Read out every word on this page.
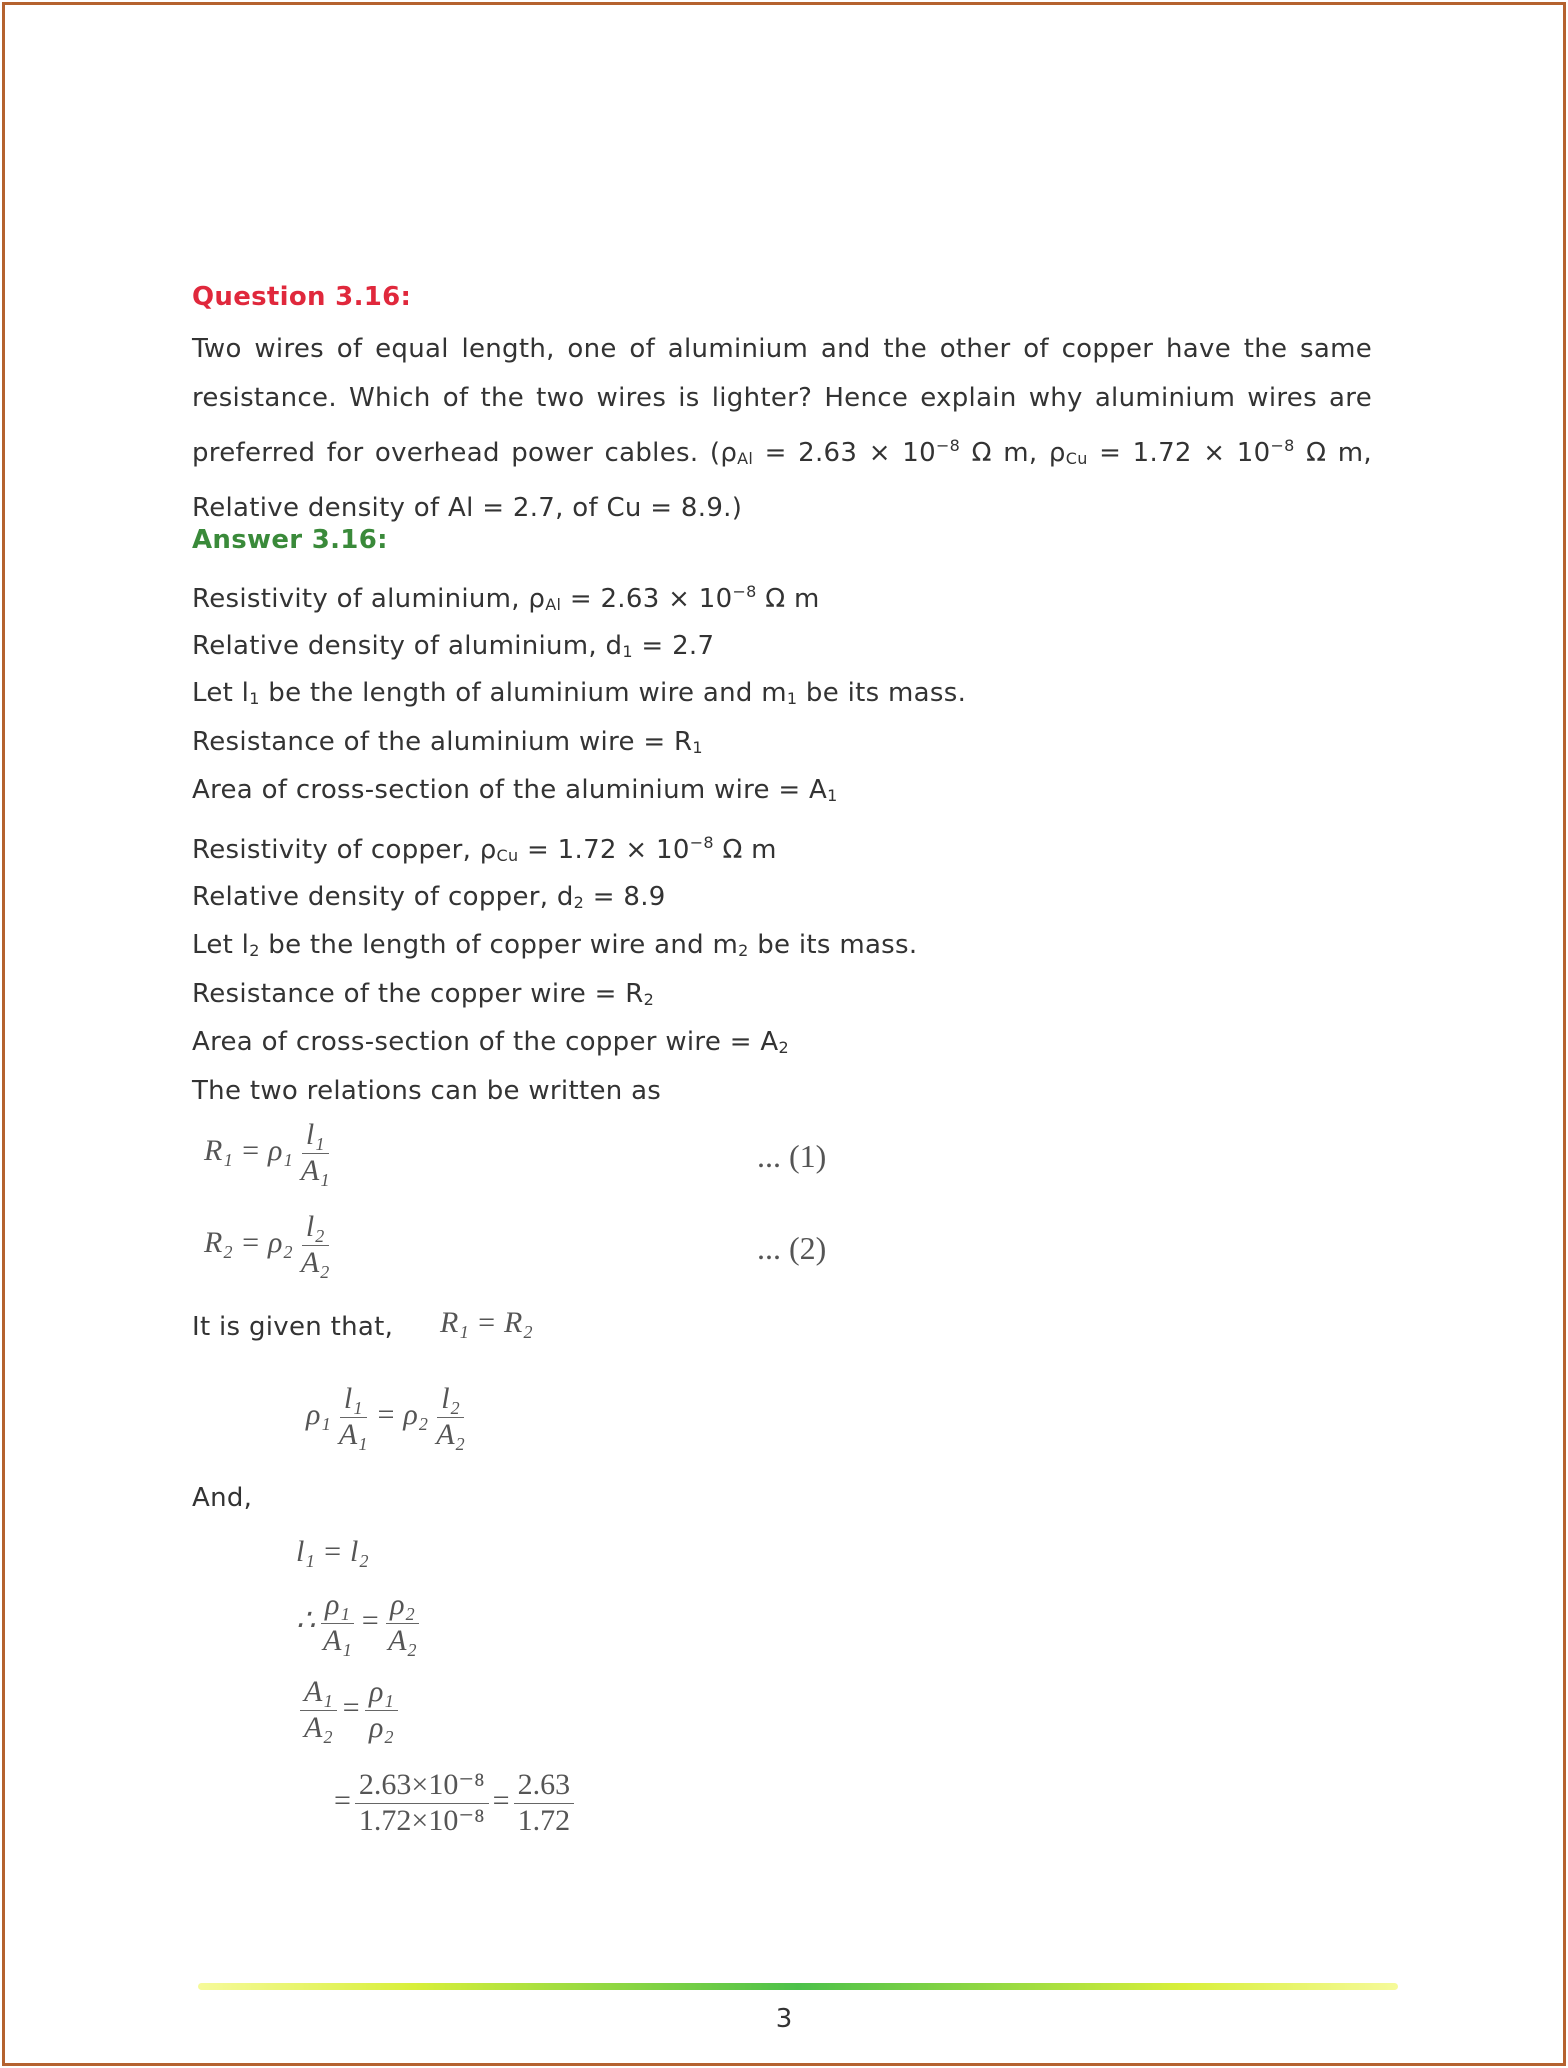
Question 3.16:
Two wires of equal length, one of aluminium and the other of copper have the same resistance. Which of the two wires is lighter? Hence explain why aluminium wires are preferred for overhead power cables. ($\rho_{Al} = 2.63 \times 10^{-8}$ Ω m, $\rho_{Cu} = 1.72 \times 10^{-8}$ Ω m, Relative density of Al = 2.7, of Cu = 8.9.)
Answer 3.16:
Resistivity of aluminium, $\rho_{Al} = 2.63 \times 10^{-8}$ Ω m
Relative density of aluminium, $d_1 = 2.7$
Let $l_1$ be the length of aluminium wire and $m_1$ be its mass.
Resistance of the aluminium wire = $R_1$
Area of cross-section of the aluminium wire = $A_1$
Resistivity of copper, $\rho_{Cu} = 1.72 \times 10^{-8}$ Ω m
Relative density of copper, $d_2 = 8.9$
Let $l_2$ be the length of copper wire and $m_2$ be its mass.
Resistance of the copper wire = $R_2$
Area of cross-section of the copper wire = $A_2$
The two relations can be written as
$R_1 = \rho_1 \frac{\text{l₁}}{\text{A₁}}$	... (1)
$R_2 = \rho_2 \frac{\text{l₂}}{\text{A₂}}$	... (2)
It is given that, R₁ = R₂
$\rho_1 \frac{\text{l₁}}{\text{A₁}} = \rho_2 \frac{\text{l₂}}{\text{A₂}}$
And,
l₁ = l₂
∴ $\frac{\text{ρ₁}}{\text{A₁}} = \frac{\text{ρ₂}}{\text{A₂}}$
$\frac{\text{A₁}}{\text{A₂}} = \frac{\text{ρ₁}}{\text{ρ₂}}$
= $\frac{\text{2.63×10⁻⁸}}{\text{1.72×10⁻⁸}} = \frac{2.63}{1.72}$
3
